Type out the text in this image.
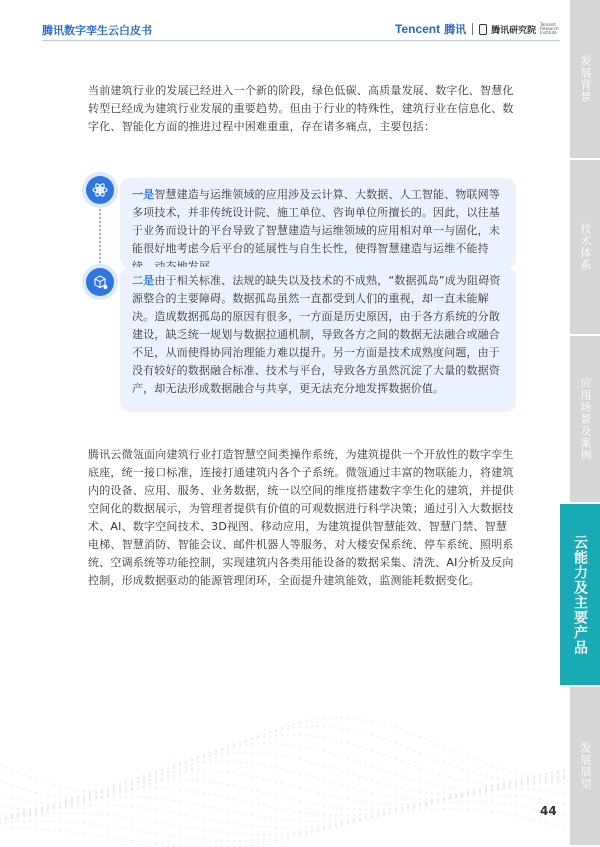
腾讯数字孪生云白皮书	Tencent 腾讯	腾讯研究院
Tencent Research Institute

当前建筑行业的发展已经进入一个新的阶段，绿色低碳、高质量发展、数字化、智慧化转型已经成为建筑行业发展的重要趋势。但由于行业的特殊性，建筑行业在信息化、数字化、智能化方面的推进过程中困难重重，存在诸多痛点，主要包括：

一是智慧建造与运维领域的应用涉及云计算、大数据、人工智能、物联网等多项技术，并非传统设计院、施工单位、咨询单位所擅长的。因此，以往基于业务而设计的平台导致了智慧建造与运维领域的应用相对单一与固化，未能很好地考虑今后平台的延展性与自生长性，使得智慧建造与运维不能持
二是由于相关标准、法规的缺失以及技术的不成熟，“数据孤岛”成为阻碍资源整合的主要障碍。数据孤岛虽然一直都受到人们的重视，却一直未能解决。造成数据孤岛的原因有很多，一方面是历史原因，由于各方系统的分散建设，缺乏统一规划与数据拉通机制，导致各方之间的数据无法融合或融合不足，从而使得协同治理能力难以提升。另一方面是技术成熟度问题，由于没有较好的数据融合标准、技术与平台，导致各方虽然沉淀了大量的数据资产，却无法形成数据融合与共享，更无法充分地发挥数据价值。

腾讯云微瓴面向建筑行业打造智慧空间类操作系统，为建筑提供一个开放性的数字孪生底座，统一接口标准，连接打通建筑内各个子系统。微瓴通过丰富的物联能力，将建筑内的设备、应用、服务、业务数据，统一以空间的维度搭建数字孪生化的建筑，并提供空间化的数据展示，为管理者提供有价值的可观数据进行科学决策；通过引入大数据技术、AI、数字空间技术、3D视图、移动应用，为建筑提供智慧能效、智慧门禁、智慧电梯、智慧消防、智能会议、邮件机器人等服务，对大楼安保系统、停车系统、照明系统、空调系统等功能控制，实现建筑内各类用能设备的数据采集、清洗、AI分析及反向控制，形成数据驱动的能源管理闭环，全面提升建筑能效，监测能耗数据变化。

44
发展背景
技术体系
应用场景及案例
云能力及主要产品
发展展望
